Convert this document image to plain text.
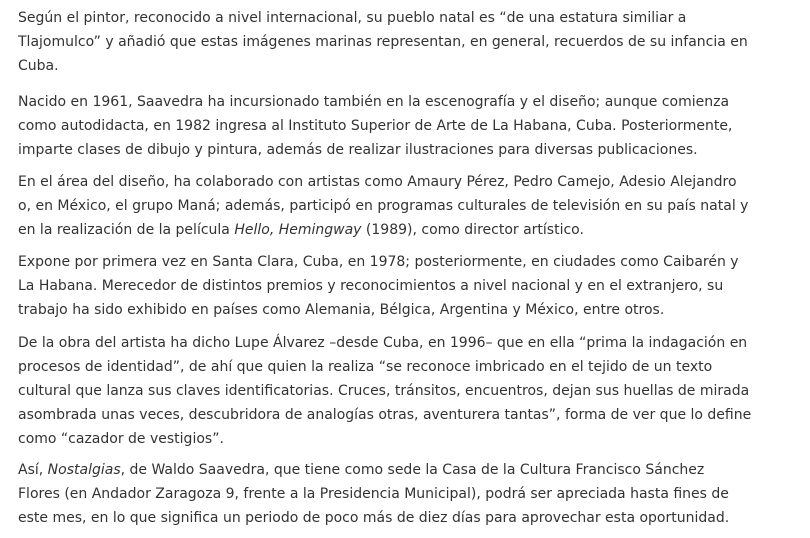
Según el pintor, reconocido a nivel internacional, su pueblo natal es “de una estatura similiar a
Tlajomulco” y añadió que estas imágenes marinas representan, en general, recuerdos de su infancia en
Cuba.

Nacido en 1961, Saavedra ha incursionado también en la escenografía y el diseño; aunque comienza
como autodidacta, en 1982 ingresa al Instituto Superior de Arte de La Habana, Cuba. Posteriormente,
imparte clases de dibujo y pintura, además de realizar ilustraciones para diversas publicaciones.

En el área del diseño, ha colaborado con artistas como Amaury Pérez, Pedro Camejo, Adesio Alejandro
o, en México, el grupo Maná; además, participó en programas culturales de televisión en su país natal y
en la realización de la película Hello, Hemingway (1989), como director artístico.

Expone por primera vez en Santa Clara, Cuba, en 1978; posteriormente, en ciudades como Caibarén y
La Habana. Merecedor de distintos premios y reconocimientos a nivel nacional y en el extranjero, su
trabajo ha sido exhibido en países como Alemania, Bélgica, Argentina y México, entre otros.

De la obra del artista ha dicho Lupe Álvarez –desde Cuba, en 1996– que en ella “prima la indagación en
procesos de identidad”, de ahí que quien la realiza “se reconoce imbricado en el tejido de un texto
cultural que lanza sus claves identificatorias. Cruces, tránsitos, encuentros, dejan sus huellas de mirada
asombrada unas veces, descubridora de analogías otras, aventurera tantas”, forma de ver que lo define
como “cazador de vestigios”.

Así, Nostalgias, de Waldo Saavedra, que tiene como sede la Casa de la Cultura Francisco Sánchez
Flores (en Andador Zaragoza 9, frente a la Presidencia Municipal), podrá ser apreciada hasta fines de
este mes, en lo que significa un periodo de poco más de diez días para aprovechar esta oportunidad.
